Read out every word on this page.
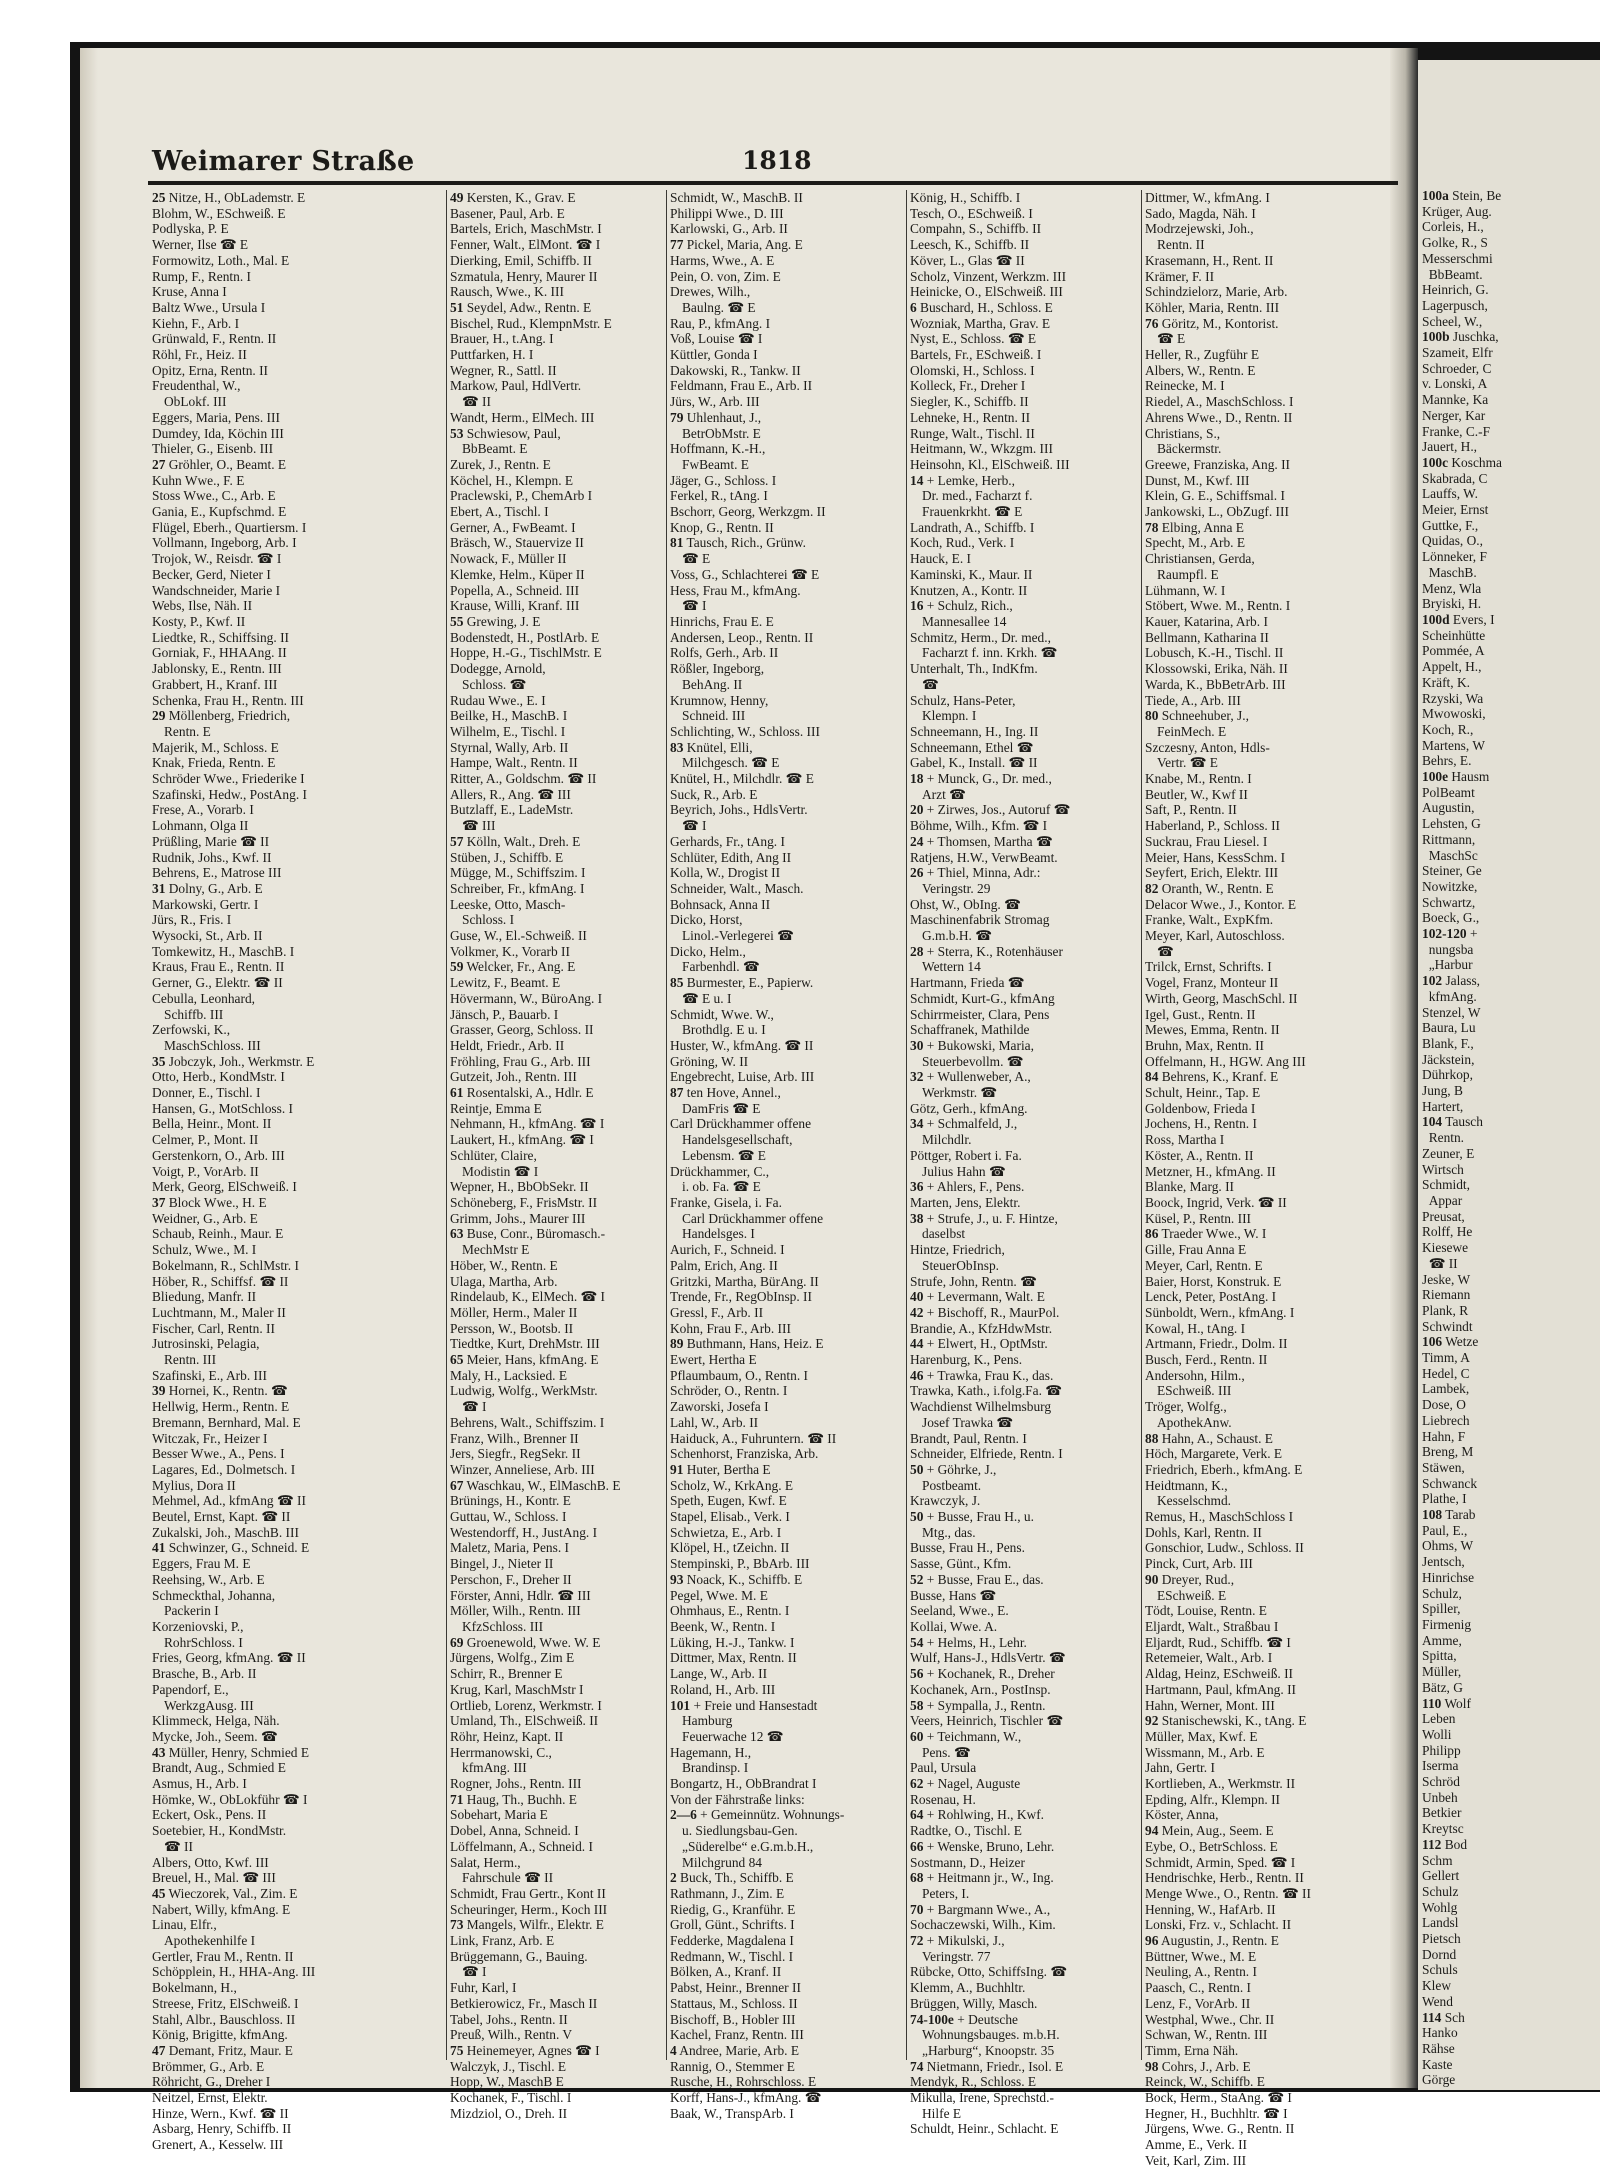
Weimarer Straße	1818
25 Nitze, H., ObLademstr. E
Blohm, W., ESchweiß. E
Podlyska, P. E
Werner, Ilse ☎ E
Formowitz, Loth., Mal. E
Rump, F., Rentn. I
Kruse, Anna I
Baltz Wwe., Ursula I
Kiehn, F., Arb. I
Grünwald, F., Rentn. II
Röhl, Fr., Heiz. II
Opitz, Erna, Rentn. II
Freudenthal, W.,
ObLokf. III
Eggers, Maria, Pens. III
Dumdey, Ida, Köchin III
Thieler, G., Eisenb. III
27 Gröhler, O., Beamt. E
Kuhn Wwe., F. E
Stoss Wwe., C., Arb. E
Gania, E., Kupfschmd. E
Flügel, Eberh., Quartiersm. I
Vollmann, Ingeborg, Arb. I
Trojok, W., Reisdr. ☎ I
Becker, Gerd, Nieter I
Wandschneider, Marie I
Webs, Ilse, Näh. II
Kosty, P., Kwf. II
Liedtke, R., Schiffsing. II
Gorniak, F., HHAAng. II
Jablonsky, E., Rentn. III
Grabbert, H., Kranf. III
Schenka, Frau H., Rentn. III
29 Möllenberg, Friedrich,
Rentn. E
Majerik, M., Schloss. E
Knak, Frieda, Rentn. E
Schröder Wwe., Friederike I
Szafinski, Hedw., PostAng. I
Frese, A., Vorarb. I
Lohmann, Olga II
Prüßling, Marie ☎ II
Rudnik, Johs., Kwf. II
Behrens, E., Matrose III
31 Dolny, G., Arb. E
Markowski, Gertr. I
Jürs, R., Fris. I
Wysocki, St., Arb. II
Tomkewitz, H., MaschB. I
Kraus, Frau E., Rentn. II
Gerner, G., Elektr. ☎ II
Cebulla, Leonhard,
Schiffb. III
Zerfowski, K.,
MaschSchloss. III
35 Jobczyk, Joh., Werkmstr. E
Otto, Herb., KondMstr. I
Donner, E., Tischl. I
Hansen, G., MotSchloss. I
Bella, Heinr., Mont. II
Celmer, P., Mont. II
Gerstenkorn, O., Arb. III
Voigt, P., VorArb. II
Merk, Georg, ElSchweiß. I
37 Block Wwe., H. E
Weidner, G., Arb. E
Schaub, Reinh., Maur. E
Schulz, Wwe., M. I
Bokelmann, R., SchlMstr. I
Höber, R., Schiffsf. ☎ II
Bliedung, Manfr. II
Luchtmann, M., Maler II
Fischer, Carl, Rentn. II
Jutrosinski, Pelagia,
Rentn. III
Szafinski, E., Arb. III
39 Hornei, K., Rentn. ☎
Hellwig, Herm., Rentn. E
Bremann, Bernhard, Mal. E
Witczak, Fr., Heizer I
Besser Wwe., A., Pens. I
Lagares, Ed., Dolmetsch. I
Mylius, Dora II
Mehmel, Ad., kfmAng ☎ II
Beutel, Ernst, Kapt. ☎ II
Zukalski, Joh., MaschB. III
41 Schwinzer, G., Schneid. E
Eggers, Frau M. E
Reehsing, W., Arb. E
Schmeckthal, Johanna,
Packerin I
Korzeniovski, P.,
RohrSchloss. I
Fries, Georg, kfmAng. ☎ II
Brasche, B., Arb. II
Papendorf, E.,
WerkzgAusg. III
Klimmeck, Helga, Näh.
Mycke, Joh., Seem. ☎
43 Müller, Henry, Schmied E
Brandt, Aug., Schmied E
Asmus, H., Arb. I
Hömke, W., ObLokführ ☎ I
Eckert, Osk., Pens. II
Soetebier, H., KondMstr.
☎ II
Albers, Otto, Kwf. III
Breuel, H., Mal. ☎ III
45 Wieczorek, Val., Zim. E
Nabert, Willy, kfmAng. E
Linau, Elfr.,
Apothekenhilfe I
Gertler, Frau M., Rentn. II
Schöpplein, H., HHA-Ang. III
Bokelmann, H.,
Streese, Fritz, ElSchweiß. I
Stahl, Albr., Bauschloss. II
König, Brigitte, kfmAng.
47 Demant, Fritz, Maur. E
Brömmer, G., Arb. E
Röhricht, G., Dreher I
Neitzel, Ernst, Elektr.
Hinze, Wern., Kwf. ☎ II
Asbarg, Henry, Schiffb. II
Grenert, A., Kesselw. III
49 Kersten, K., Grav. E
Basener, Paul, Arb. E
Bartels, Erich, MaschMstr. I
Fenner, Walt., ElMont. ☎ I
Dierking, Emil, Schiffb. II
Szmatula, Henry, Maurer II
Rausch, Wwe., K. III
51 Seydel, Adw., Rentn. E
Bischel, Rud., KlempnMstr. E
Brauer, H., t.Ang. I
Puttfarken, H. I
Wegner, R., Sattl. II
Markow, Paul, HdlVertr.
☎ II
Wandt, Herm., ElMech. III
53 Schwiesow, Paul,
BbBeamt. E
Zurek, J., Rentn. E
Köchel, H., Klempn. E
Praclewski, P., ChemArb I
Ebert, A., Tischl. I
Gerner, A., FwBeamt. I
Bräsch, W., Stauervize II
Nowack, F., Müller II
Klemke, Helm., Küper II
Popella, A., Schneid. III
Krause, Willi, Kranf. III
55 Grewing, J. E
Bodenstedt, H., PostlArb. E
Hoppe, H.-G., TischlMstr. E
Dodegge, Arnold,
Schloss. ☎
Rudau Wwe., E. I
Beilke, H., MaschB. I
Wilhelm, E., Tischl. I
Styrnal, Wally, Arb. II
Hampe, Walt., Rentn. II
Ritter, A., Goldschm. ☎ II
Allers, R., Ang. ☎ III
Butzlaff, E., LadeMstr.
☎ III
57 Kölln, Walt., Dreh. E
Stüben, J., Schiffb. E
Mügge, M., Schiffszim. I
Schreiber, Fr., kfmAng. I
Leeske, Otto, Masch-
Schloss. I
Guse, W., El.-Schweiß. II
Volkmer, K., Vorarb II
59 Welcker, Fr., Ang. E
Lewitz, F., Beamt. E
Hövermann, W., BüroAng. I
Jänsch, P., Bauarb. I
Grasser, Georg, Schloss. II
Heldt, Friedr., Arb. II
Fröhling, Frau G., Arb. III
Gutzeit, Joh., Rentn. III
61 Rosentalski, A., Hdlr. E
Reintje, Emma E
Nehmann, H., kfmAng. ☎ I
Laukert, H., kfmAng. ☎ I
Schlüter, Claire,
Modistin ☎ I
Wepner, H., BbObSekr. II
Schöneberg, F., FrisMstr. II
Grimm, Johs., Maurer III
63 Buse, Conr., Büromasch.-
MechMstr E
Höber, W., Rentn. E
Ulaga, Martha, Arb.
Rindelaub, K., ElMech. ☎ I
Möller, Herm., Maler II
Persson, W., Bootsb. II
Tiedtke, Kurt, DrehMstr. III
65 Meier, Hans, kfmAng. E
Maly, H., Lacksied. E
Ludwig, Wolfg., WerkMstr.
☎ I
Behrens, Walt., Schiffszim. I
Franz, Wilh., Brenner II
Jers, Siegfr., RegSekr. II
Winzer, Anneliese, Arb. III
67 Waschkau, W., ElMaschB. E
Brünings, H., Kontr. E
Guttau, W., Schloss. I
Westendorff, H., JustAng. I
Maletz, Maria, Pens. I
Bingel, J., Nieter II
Perschon, F., Dreher II
Förster, Anni, Hdlr. ☎ III
Möller, Wilh., Rentn. III
KfzSchloss. III
69 Groenewold, Wwe. W. E
Jürgens, Wolfg., Zim E
Schirr, R., Brenner E
Krug, Karl, MaschMstr I
Ortlieb, Lorenz, Werkmstr. I
Umland, Th., ElSchweiß. II
Röhr, Heinz, Kapt. II
Herrmanowski, C.,
kfmAng. III
Rogner, Johs., Rentn. III
71 Haug, Th., Buchh. E
Sobehart, Maria E
Dobel, Anna, Schneid. I
Löffelmann, A., Schneid. I
Salat, Herm.,
Fahrschule ☎ II
Schmidt, Frau Gertr., Kont II
Scheuringer, Herm., Koch III
73 Mangels, Wilfr., Elektr. E
Link, Franz, Arb. E
Brüggemann, G., Bauing.
☎ I
Fuhr, Karl, I
Betkierowicz, Fr., Masch II
Tabel, Johs., Rentn. II
Preuß, Wilh., Rentn. V
75 Heinemeyer, Agnes ☎ I
Walczyk, J., Tischl. E
Hopp, W., MaschB E
Kochanek, F., Tischl. I
Mizdziol, O., Dreh. II
Schmidt, W., MaschB. II
Philippi Wwe., D. III
Karlowski, G., Arb. II
77 Pickel, Maria, Ang. E
Harms, Wwe., A. E
Pein, O. von, Zim. E
Drewes, Wilh.,
Baulng. ☎ E
Rau, P., kfmAng. I
Voß, Louise ☎ I
Küttler, Gonda I
Dakowski, R., Tankw. II
Feldmann, Frau E., Arb. II
Jürs, W., Arb. III
79 Uhlenhaut, J.,
BetrObMstr. E
Hoffmann, K.-H.,
FwBeamt. E
Jäger, G., Schloss. I
Ferkel, R., tAng. I
Bschorr, Georg, Werkzgm. II
Knop, G., Rentn. II
81 Tausch, Rich., Grünw.
☎ E
Voss, G., Schlachterei ☎ E
Hess, Frau M., kfmAng.
☎ I
Hinrichs, Frau E. E
Andersen, Leop., Rentn. II
Rolfs, Gerh., Arb. II
Rößler, Ingeborg,
BehAng. II
Krumnow, Henny,
Schneid. III
Schlichting, W., Schloss. III
83 Knütel, Elli,
Milchgesch. ☎ E
Knütel, H., Milchdlr. ☎ E
Suck, R., Arb. E
Beyrich, Johs., HdlsVertr.
☎ I
Gerhards, Fr., tAng. I
Schlüter, Edith, Ang II
Kolla, W., Drogist II
Schneider, Walt., Masch.
Bohnsack, Anna II
Dicko, Horst,
Linol.-Verlegerei ☎
Dicko, Helm.,
Farbenhdl. ☎
85 Burmester, E., Papierw.
☎ E u. I
Schmidt, Wwe. W.,
Brothdlg. E u. I
Huster, W., kfmAng. ☎ II
Gröning, W. II
Engebrecht, Luise, Arb. III
87 ten Hove, Annel.,
DamFris ☎ E
Carl Drückhammer offene
Handelsgesellschaft,
Lebensm. ☎ E
Drückhammer, C.,
i. ob. Fa. ☎ E
Franke, Gisela, i. Fa.
Carl Drückhammer offene
Handelsges. I
Aurich, F., Schneid. I
Palm, Erich, Ang. II
Gritzki, Martha, BürAng. II
Trende, Fr., RegObInsp. II
Gressl, F., Arb. II
Kohn, Frau F., Arb. III
89 Buthmann, Hans, Heiz. E
Ewert, Hertha E
Pflaumbaum, O., Rentn. I
Schröder, O., Rentn. I
Zaworski, Josefa I
Lahl, W., Arb. II
Haiduck, A., Fuhruntern. ☎ II
Schenhorst, Franziska, Arb.
91 Huter, Bertha E
Scholz, W., KrkAng. E
Speth, Eugen, Kwf. E
Stapel, Elisab., Verk. I
Schwietza, E., Arb. I
Klöpel, H., tZeichn. II
Stempinski, P., BbArb. III
93 Noack, K., Schiffb. E
Pegel, Wwe. M. E
Ohmhaus, E., Rentn. I
Beenk, W., Rentn. I
Lüking, H.-J., Tankw. I
Dittmer, Max, Rentn. II
Lange, W., Arb. II
Roland, H., Arb. III
101 + Freie und Hansestadt
Hamburg
Feuerwache 12 ☎
Hagemann, H.,
Brandinsp. I
Bongartz, H., ObBrandrat I
Von der Fährstraße links:
2—6 + Gemeinnütz. Wohnungs-
u. Siedlungsbau-Gen.
„Süderelbe“ e.G.m.b.H.,
Milchgrund 84
2 Buck, Th., Schiffb. E
Rathmann, J., Zim. E
Riedig, G., Kranführ. E
Groll, Günt., Schrifts. I
Fedderke, Magdalena I
Redmann, W., Tischl. I
Bölken, A., Kranf. II
Pabst, Heinr., Brenner II
Stattaus, M., Schloss. II
Bischoff, B., Hobler III
Kachel, Franz, Rentn. III
4 Andree, Marie, Arb. E
Rannig, O., Stemmer E
Rusche, H., Rohrschloss. E
Korff, Hans-J., kfmAng. ☎
Baak, W., TranspArb. I
König, H., Schiffb. I
Tesch, O., ESchweiß. I
Compahn, S., Schiffb. II
Leesch, K., Schiffb. II
Köver, L., Glas ☎ II
Scholz, Vinzent, Werkzm. III
Heinicke, O., ElSchweiß. III
6 Buschard, H., Schloss. E
Wozniak, Martha, Grav. E
Nyst, E., Schloss. ☎ E
Bartels, Fr., ESchweiß. I
Olomski, H., Schloss. I
Kolleck, Fr., Dreher I
Siegler, K., Schiffb. II
Lehneke, H., Rentn. II
Runge, Walt., Tischl. II
Heitmann, W., Wkzgm. III
Heinsohn, Kl., ElSchweiß. III
14 + Lemke, Herb.,
Dr. med., Facharzt f.
Frauenkrkht. ☎ E
Landrath, A., Schiffb. I
Koch, Rud., Verk. I
Hauck, E. I
Kaminski, K., Maur. II
Knutzen, A., Kontr. II
16 + Schulz, Rich.,
Mannesallee 14
Schmitz, Herm., Dr. med.,
Facharzt f. inn. Krkh. ☎
Unterhalt, Th., IndKfm.
☎
Schulz, Hans-Peter,
Klempn. I
Schneemann, H., Ing. II
Schneemann, Ethel ☎
Gabel, K., Install. ☎ II
18 + Munck, G., Dr. med.,
Arzt ☎
20 + Zirwes, Jos., Autoruf ☎
Böhme, Wilh., Kfm. ☎ I
24 + Thomsen, Martha ☎
Ratjens, H.W., VerwBeamt.
26 + Thiel, Minna, Adr.:
Veringstr. 29
Ohst, W., ObIng. ☎
Maschinenfabrik Stromag
G.m.b.H. ☎
28 + Sterra, K., Rotenhäuser
Wettern 14
Hartmann, Frieda ☎
Schmidt, Kurt-G., kfmAng
Schirrmeister, Clara, Pens
Schaffranek, Mathilde
30 + Bukowski, Maria,
Steuerbevollm. ☎
32 + Wullenweber, A.,
Werkmstr. ☎
Götz, Gerh., kfmAng.
34 + Schmalfeld, J.,
Milchdlr.
Pöttger, Robert i. Fa.
Julius Hahn ☎
36 + Ahlers, F., Pens.
Marten, Jens, Elektr.
38 + Strufe, J., u. F. Hintze,
daselbst
Hintze, Friedrich,
SteuerObInsp.
Strufe, John, Rentn. ☎
40 + Levermann, Walt. E
42 + Bischoff, R., MaurPol.
Brandie, A., KfzHdwMstr.
44 + Elwert, H., OptMstr.
Harenburg, K., Pens.
46 + Trawka, Frau K., das.
Trawka, Kath., i.folg.Fa. ☎
Wachdienst Wilhelmsburg
Josef Trawka ☎
Brandt, Paul, Rentn. I
Schneider, Elfriede, Rentn. I
50 + Göhrke, J.,
Postbeamt.
Krawczyk, J.
50 + Busse, Frau H., u.
Mtg., das.
Busse, Frau H., Pens.
Sasse, Günt., Kfm.
52 + Busse, Frau E., das.
Busse, Hans ☎
Seeland, Wwe., E.
Kollai, Wwe. A.
54 + Helms, H., Lehr.
Wulf, Hans-J., HdlsVertr. ☎
56 + Kochanek, R., Dreher
Kochanek, Arn., PostInsp.
58 + Sympalla, J., Rentn.
Veers, Heinrich, Tischler ☎
60 + Teichmann, W.,
Pens. ☎
Paul, Ursula
62 + Nagel, Auguste
Rosenau, H.
64 + Rohlwing, H., Kwf.
Radtke, O., Tischl. E
66 + Wenske, Bruno, Lehr.
Sostmann, D., Heizer
68 + Heitmann jr., W., Ing.
Peters, I.
70 + Bargmann Wwe., A.,
Sochaczewski, Wilh., Kim.
72 + Mikulski, J.,
Veringstr. 77
Rübcke, Otto, SchiffsIng. ☎
Klemm, A., Buchhltr.
Brüggen, Willy, Masch.
74-100e + Deutsche
Wohnungsbauges. m.b.H.
„Harburg“, Knoopstr. 35
74 Nietmann, Friedr., Isol. E
Mendyk, R., Schloss. E
Mikulla, Irene, Sprechstd.-
Hilfe E
Schuldt, Heinr., Schlacht. E
Dittmer, W., kfmAng. I
Sado, Magda, Näh. I
Modrzejewski, Joh.,
Rentn. II
Krasemann, H., Rent. II
Krämer, F. II
Schindzielorz, Marie, Arb.
Köhler, Maria, Rentn. III
76 Göritz, M., Kontorist.
☎ E
Heller, R., Zugführ E
Albers, W., Rentn. E
Reinecke, M. I
Riedel, A., MaschSchloss. I
Ahrens Wwe., D., Rentn. II
Christians, S.,
Bäckermstr.
Greewe, Franziska, Ang. II
Dunst, M., Kwf. III
Klein, G. E., Schiffsmal. I
Jankowski, L., ObZugf. III
78 Elbing, Anna E
Specht, M., Arb. E
Christiansen, Gerda,
Raumpfl. E
Lühmann, W. I
Stöbert, Wwe. M., Rentn. I
Kauer, Katarina, Arb. I
Bellmann, Katharina II
Lobusch, K.-H., Tischl. II
Klossowski, Erika, Näh. II
Warda, K., BbBetrArb. III
Tiede, A., Arb. III
80 Schneehuber, J.,
FeinMech. E
Szczesny, Anton, Hdls-
Vertr. ☎ E
Knabe, M., Rentn. I
Beutler, W., Kwf II
Saft, P., Rentn. II
Haberland, P., Schloss. II
Suckrau, Frau Liesel. I
Meier, Hans, KessSchm. I
Seyfert, Erich, Elektr. III
82 Oranth, W., Rentn. E
Delacor Wwe., J., Kontor. E
Franke, Walt., ExpKfm.
Meyer, Karl, Autoschloss.
☎
Trilck, Ernst, Schrifts. I
Vogel, Franz, Monteur II
Wirth, Georg, MaschSchl. II
Igel, Gust., Rentn. II
Mewes, Emma, Rentn. II
Bruhn, Max, Rentn. II
Offelmann, H., HGW. Ang III
84 Behrens, K., Kranf. E
Schult, Heinr., Tap. E
Goldenbow, Frieda I
Jochens, H., Rentn. I
Ross, Martha I
Köster, A., Rentn. II
Metzner, H., kfmAng. II
Blanke, Marg. II
Boock, Ingrid, Verk. ☎ II
Küsel, P., Rentn. III
86 Traeder Wwe., W. I
Gille, Frau Anna E
Meyer, Carl, Rentn. E
Baier, Horst, Konstruk. E
Lenck, Peter, PostAng. I
Sünboldt, Wern., kfmAng. I
Kowal, H., tAng. I
Artmann, Friedr., Dolm. II
Busch, Ferd., Rentn. II
Andersohn, Hilm.,
ESchweiß. III
Tröger, Wolfg.,
ApothekAnw.
88 Hahn, A., Schaust. E
Höch, Margarete, Verk. E
Friedrich, Eberh., kfmAng. E
Heidtmann, K.,
Kesselschmd.
Remus, H., MaschSchloss I
Dohls, Karl, Rentn. II
Gonschior, Ludw., Schloss. II
Pinck, Curt, Arb. III
90 Dreyer, Rud.,
ESchweiß. E
Tödt, Louise, Rentn. E
Eljardt, Walt., Straßbau I
Eljardt, Rud., Schiffb. ☎ I
Retemeier, Walt., Arb. I
Aldag, Heinz, ESchweiß. II
Hartmann, Paul, kfmAng. II
Hahn, Werner, Mont. III
92 Stanischewski, K., tAng. E
Müller, Max, Kwf. E
Wissmann, M., Arb. E
Jahn, Gertr. I
Kortlieben, A., Werkmstr. II
Epding, Alfr., Klempn. II
Köster, Anna,
94 Mein, Aug., Seem. E
Eybe, O., BetrSchloss. E
Schmidt, Armin, Sped. ☎ I
Hendrischke, Herb., Rentn. II
Menge Wwe., O., Rentn. ☎ II
Henning, W., HafArb. II
Lonski, Frz. v., Schlacht. II
96 Augustin, J., Rentn. E
Büttner, Wwe., M. E
Neuling, A., Rentn. I
Paasch, C., Rentn. I
Lenz, F., VorArb. II
Westphal, Wwe., Chr. II
Schwan, W., Rentn. III
Timm, Erna Näh.
98 Cohrs, J., Arb. E
Reinck, W., Schiffb. E
Bock, Herm., StaAng. ☎ I
Hegner, H., Buchhltr. ☎ I
Jürgens, Wwe. G., Rentn. II
Amme, E., Verk. II
Veit, Karl, Zim. III
100a Stein, Be
Krüger, Aug.
Corleis, H.,
Golke, R., S
Messerschmi
BbBeamt.
Heinrich, G.
Lagerpusch,
Scheel, W.,
100b Juschka,
Szameit, Elfr
Schroeder, C
v. Lonski, A
Mannke, Ka
Nerger, Kar
Franke, C.-F
Jauert, H.,
100c Koschma
Skabrada, C
Lauffs, W.
Meier, Ernst
Guttke, F.,
Quidas, O.,
Lönneker, F
MaschB.
Menz, Wla
Bryiski, H.
100d Evers, I
Scheinhütte
Pommée, A
Appelt, H.,
Kräft, K.
Rzyski, Wa
Mwowoski,
Koch, R.,
Martens, W
Behrs, E.
100e Hausm
PolBeamt
Augustin,
Lehsten, G
Rittmann,
MaschSc
Steiner, Ge
Nowitzke,
Schwartz,
Boeck, G.,
102-120 +
nungsba
„Harbur
102 Jalass,
kfmAng.
Stenzel, W
Baura, Lu
Blank, F.,
Jäckstein,
Dührkop,
Jung, B
Hartert,
104 Tausch
Rentn.
Zeuner, E
Wirtsch
Schmidt,
Appar
Preusat,
Rolff, He
Kiesewe
☎ II
Jeske, W
Riemann
Plank, R
Schwindt
106 Wetze
Timm, A
Hedel, C
Lambek,
Dose, O
Liebrech
Hahn, F
Breng, M
Stäwen,
Schwanck
Plathe, I
108 Tarab
Paul, E.,
Ohms, W
Jentsch,
Hinrichse
Schulz,
Spiller,
Firmenig
Amme,
Spitta,
Müller,
Bätz, G
110 Wolf
Leben
Wolli
Philipp
Iserma
Schröd
Unbeh
Betkier
Kreytsc
112 Bod
Schm
Gellert
Schulz
Wohlg
Landsl
Pietsch
Dornd
Schuls
Klew
Wend
114 Sch
Hanko
Rähse
Kaste
Görge
